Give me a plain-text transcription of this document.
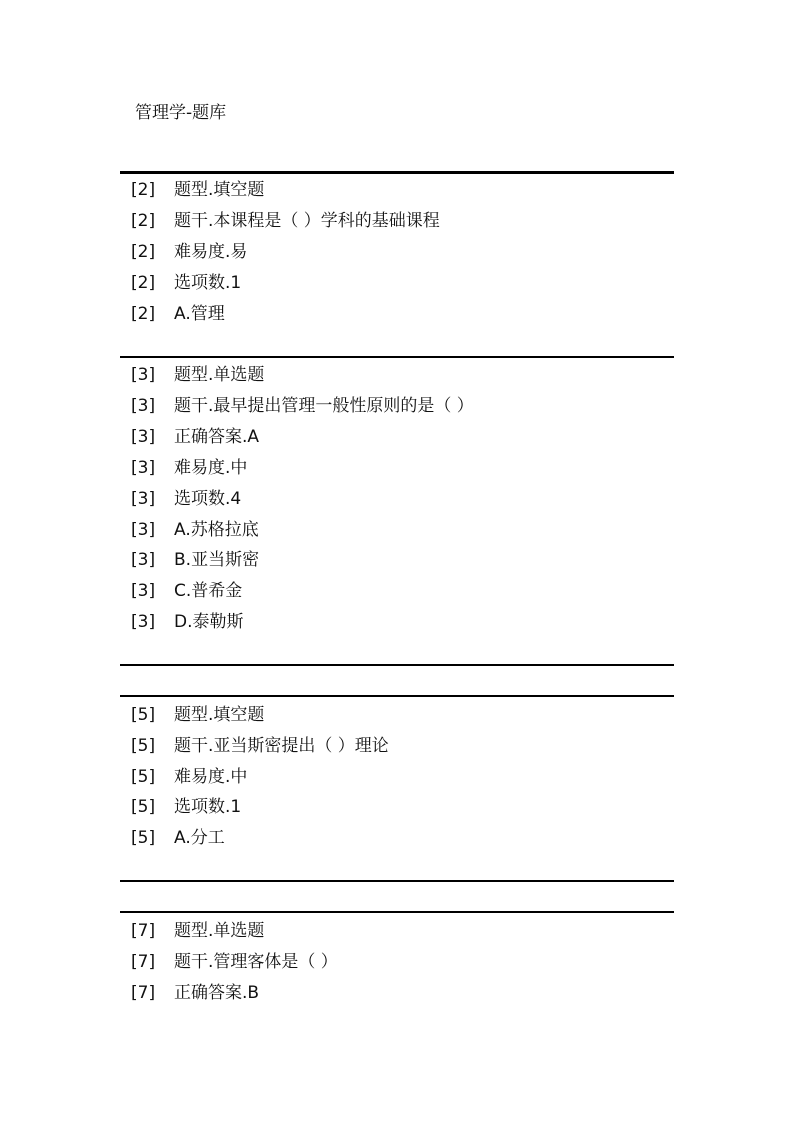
管理学-题库
[2] 题型.填空题
[2] 题干.本课程是（ ）学科的基础课程
[2] 难易度.易
[2] 选项数.1
[2] A.管理
[3] 题型.单选题
[3] 题干.最早提出管理一般性原则的是（ ）
[3] 正确答案.A
[3] 难易度.中
[3] 选项数.4
[3] A.苏格拉底
[3] B.亚当斯密
[3] C.普希金
[3] D.泰勒斯
[5] 题型.填空题
[5] 题干.亚当斯密提出（ ）理论
[5] 难易度.中
[5] 选项数.1
[5] A.分工
[7] 题型.单选题
[7] 题干.管理客体是（ ）
[7] 正确答案.B
